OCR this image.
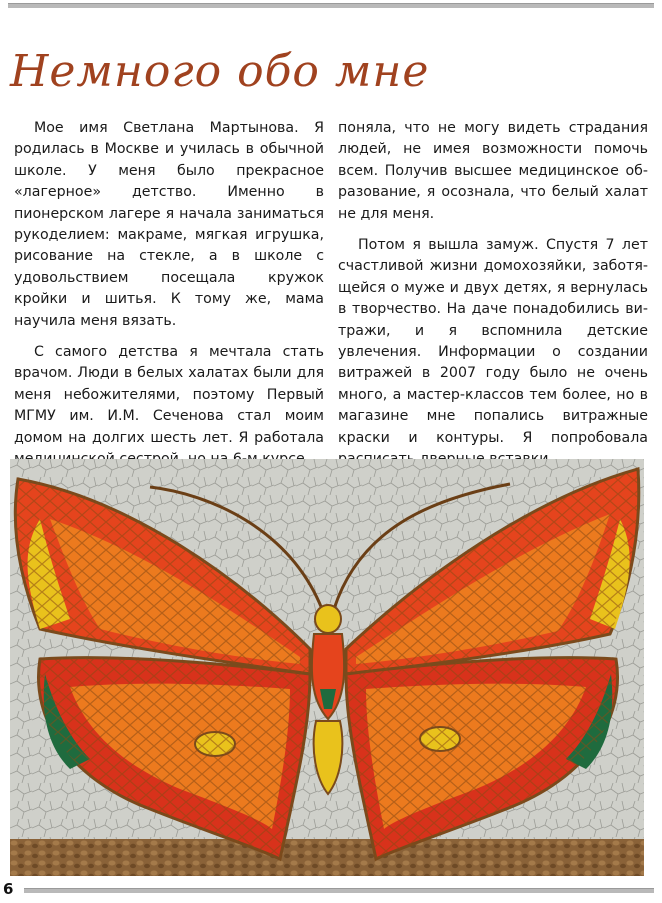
Немного обо мне

Мое имя Светлана Мартынова. Я родилась в Москве и училась в обычной школе. У меня было прекрасное «лагерное» детство. Именно в пионерском лагере я начала заниматься рукоделием: макраме, мягкая игрушка, рисование на стекле, а в школе с удовольствием посещала кружок кройки и шитья. К тому же, мама научила меня вязать.

С самого детства я мечтала стать врачом. Люди в белых халатах были для меня небожителями, поэтому Первый МГМУ им. И.М. Сеченова стал моим домом на долгих шесть лет. Я работала

поняла, что не могу видеть страдания людей, не имея возможности помочь всем. Получив высшее медицинское образование, я осознала, что белый халат не для меня.

Потом я вышла замуж. Спустя 7 лет счастливой жизни домохозяйки, заботящейся о муже и двух детях, я вернулась в творчество. На даче понадобились витражи, и я вспомнила детские увлечения. Информации о создании витражей в 2007 году было не очень много, а мастер-классов тем более, но в магазине мне попались витражные краски и контуры. Я попробовала

6
